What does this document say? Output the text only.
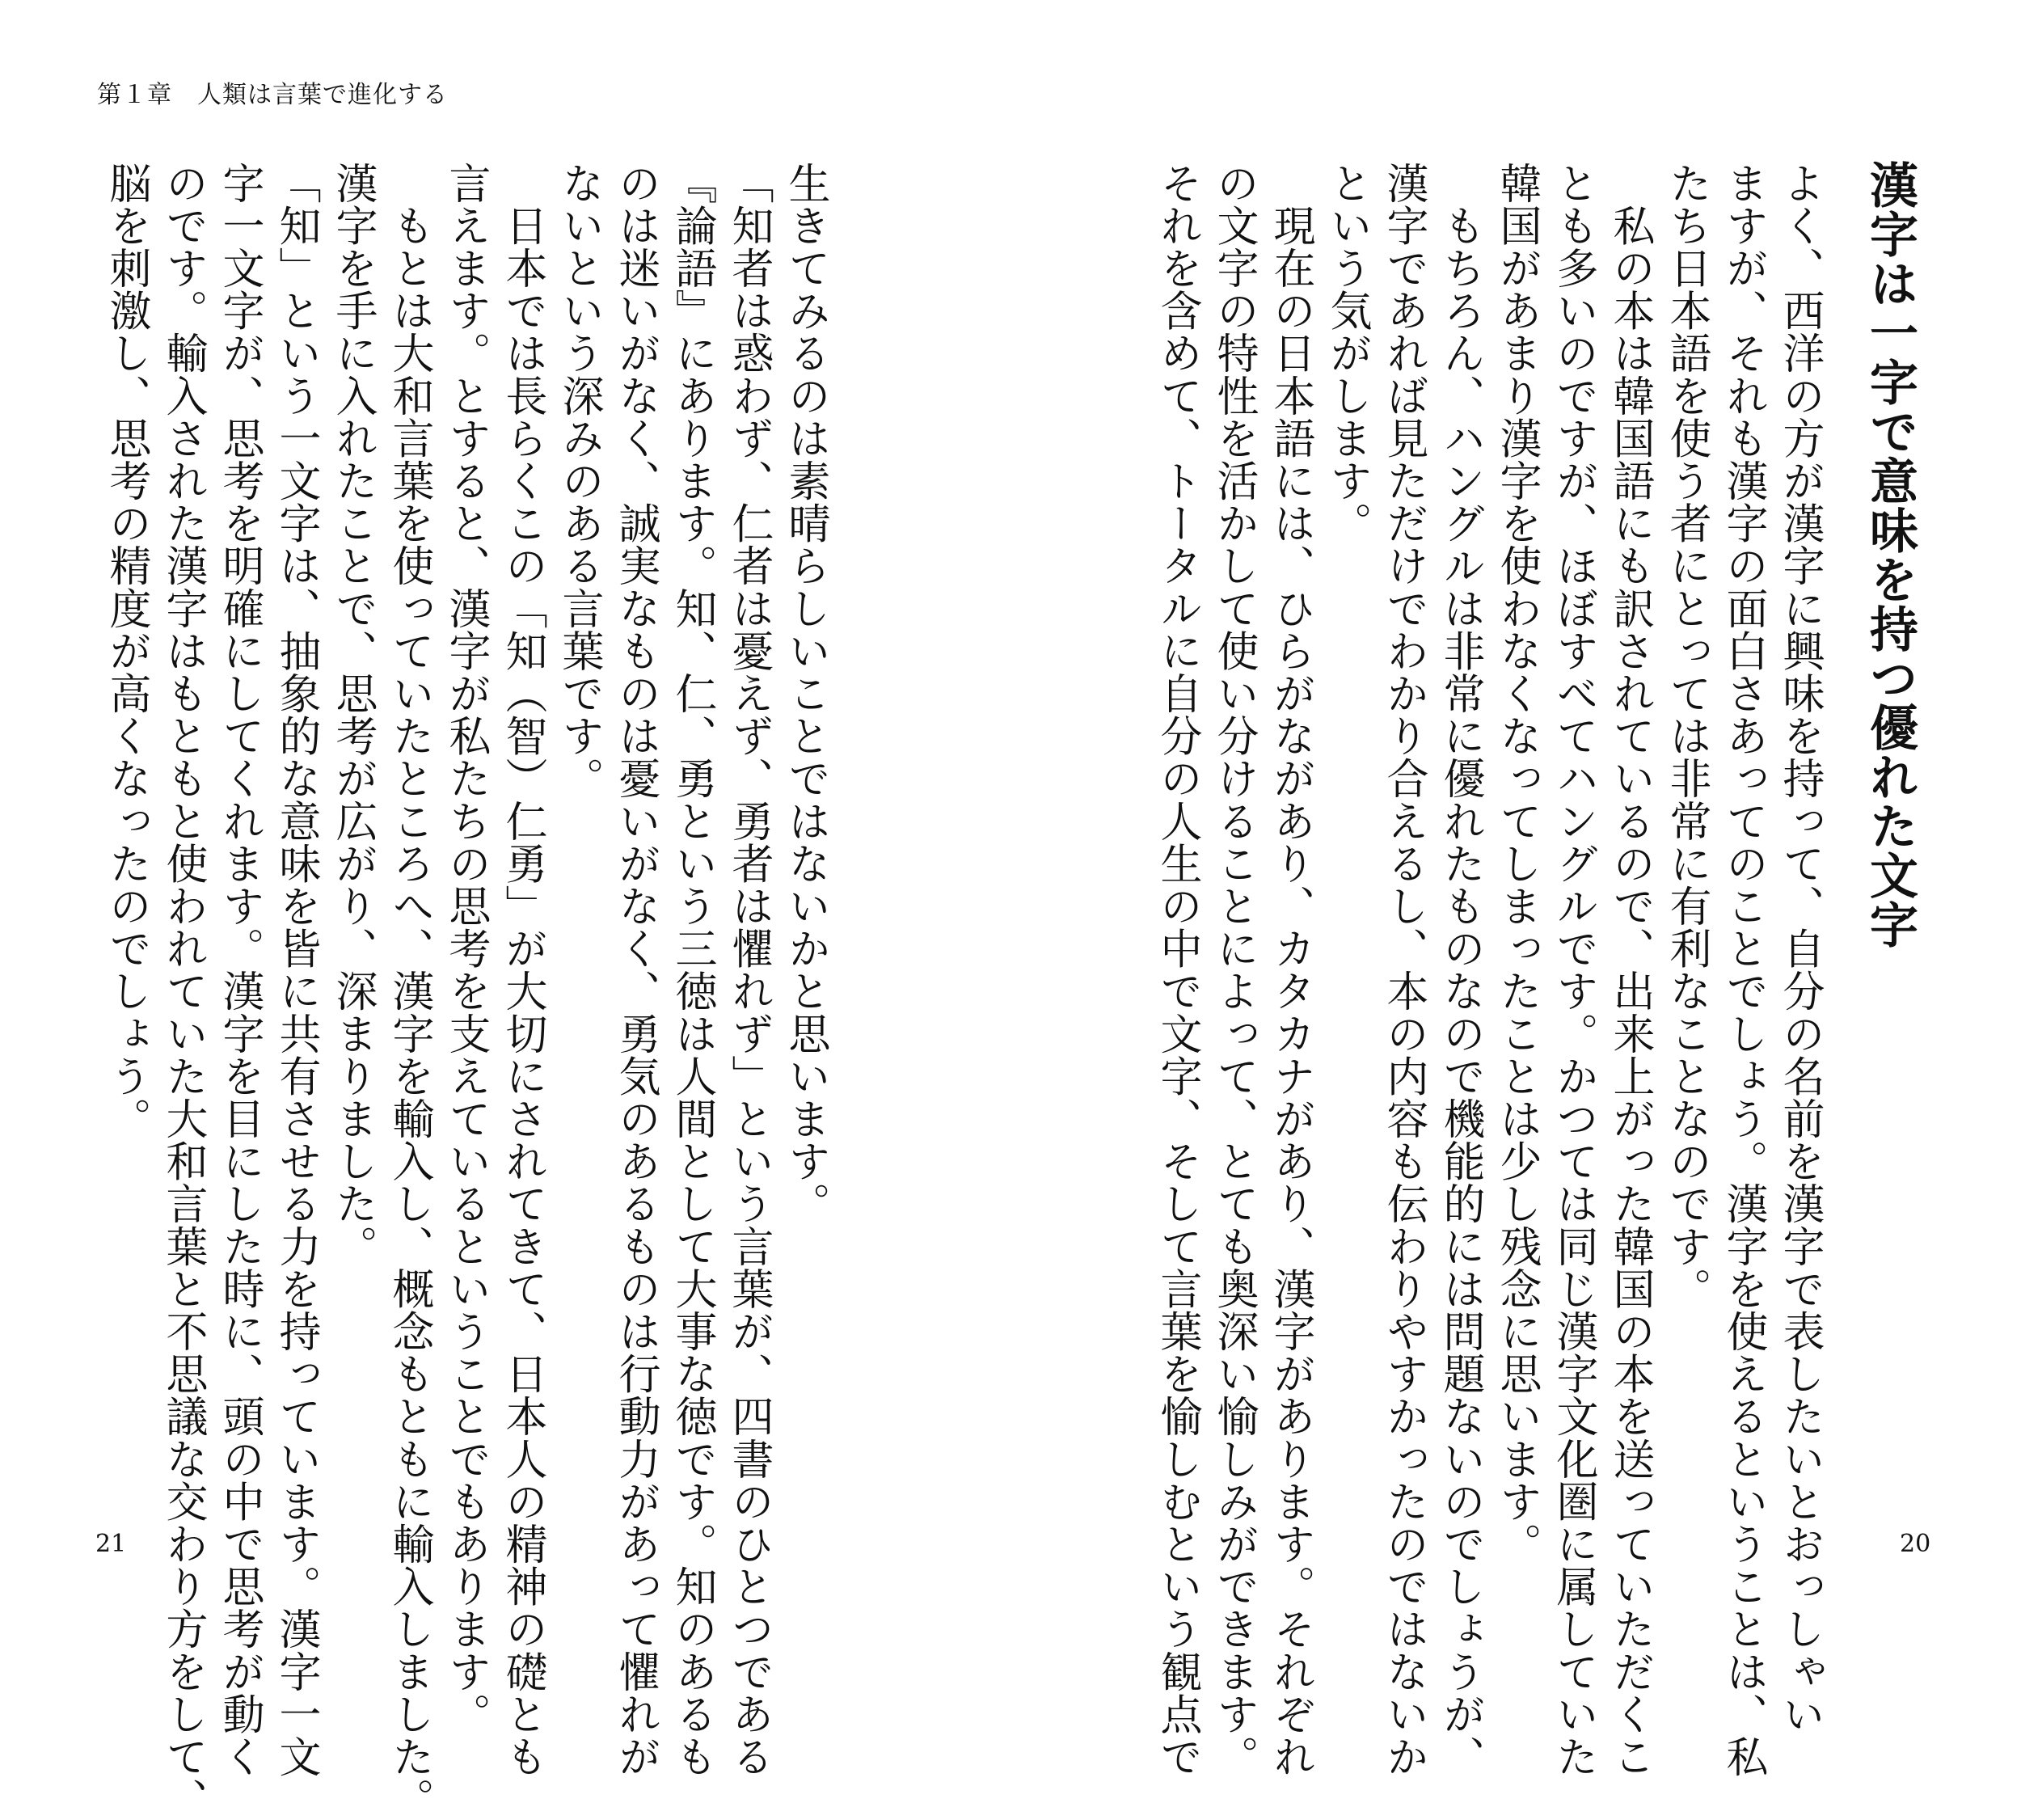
第１章　人類は言葉で進化する
漢字は一字で意味を持つ優れた文字
よく、西洋の方が漢字に興味を持って、自分の名前を漢字で表したいとおっしゃい
ますが、それも漢字の面白さあってのことでしょう。漢字を使えるということは、私
たち日本語を使う者にとっては非常に有利なことなのです。
　私の本は韓国語にも訳されているので、出来上がった韓国の本を送っていただくこ
とも多いのですが、ほぼすべてハングルです。かつては同じ漢字文化圏に属していた
韓国があまり漢字を使わなくなってしまったことは少し残念に思います。
　もちろん、ハングルは非常に優れたものなので機能的には問題ないのでしょうが、
漢字であれば見ただけでわかり合えるし、本の内容も伝わりやすかったのではないか
という気がします。
　現在の日本語には、ひらがながあり、カタカナがあり、漢字があります。それぞれ
の文字の特性を活かして使い分けることによって、とても奥深い愉しみができます。
それを含めて、トータルに自分の人生の中で文字、そして言葉を愉しむという観点で
生きてみるのは素晴らしいことではないかと思います。
「知者は惑わず、仁者は憂えず、勇者は懼れず」という言葉が、四書のひとつである
『論語』にあります。知、仁、勇という三徳は人間として大事な徳です。知のあるも
のは迷いがなく、誠実なものは憂いがなく、勇気のあるものは行動力があって懼れが
ないという深みのある言葉です。
　日本では長らくこの「知（智）仁勇」が大切にされてきて、日本人の精神の礎とも
言えます。とすると、漢字が私たちの思考を支えているということでもあります。
　もとは大和言葉を使っていたところへ、漢字を輸入し、概念もともに輸入しました。
漢字を手に入れたことで、思考が広がり、深まりました。
「知」という一文字は、抽象的な意味を皆に共有させる力を持っています。漢字一文
字一文字が、思考を明確にしてくれます。漢字を目にした時に、頭の中で思考が動く
のです。輸入された漢字はもともと使われていた大和言葉と不思議な交わり方をして、
脳を刺激し、思考の精度が高くなったのでしょう。
21	20
